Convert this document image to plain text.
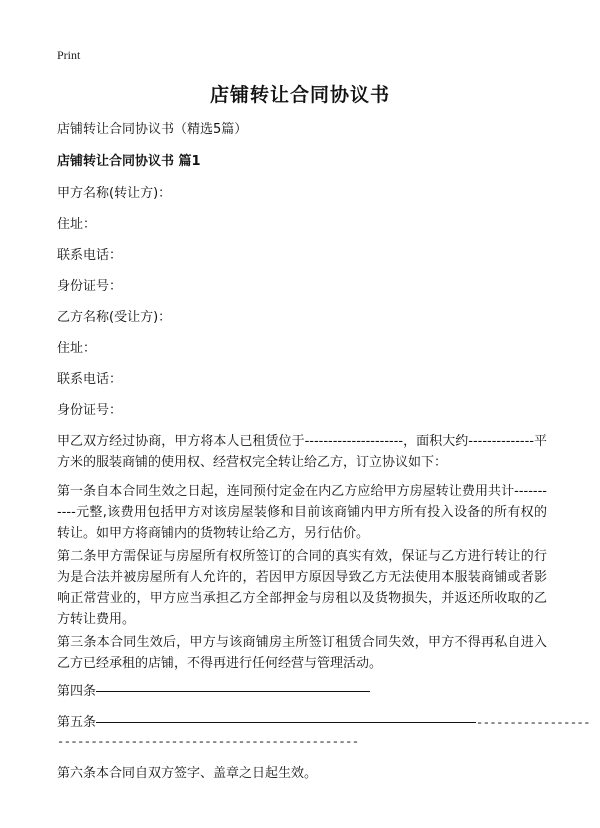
Print
店铺转让合同协议书
店铺转让合同协议书（精选5篇）
店铺转让合同协议书 篇1
甲方名称(转让方)：
住址：
联系电话：
身份证号：
乙方名称(受让方)：
住址：
联系电话：
身份证号：
甲乙双方经过协商，甲方将本人已租赁位于---------------------，面积大约--------------平方米的服装商铺的使用权、经营权完全转让给乙方，订立协议如下：
第一条自本合同生效之日起，连同预付定金在内乙方应给甲方房屋转让费用共计-----------元整,该费用包括甲方对该房屋装修和目前该商铺内甲方所有投入设备的所有权的转让。如甲方将商铺内的货物转让给乙方，另行估价。
第二条甲方需保证与房屋所有权所签订的合同的真实有效，保证与乙方进行转让的行为是合法并被房屋所有人允许的，若因甲方原因导致乙方无法使用本服装商铺或者影响正常营业的，甲方应当承担乙方全部押金与房租以及货物损失，并返还所收取的乙方转让费用。
第三条本合同生效后，甲方与该商铺房主所签订租赁合同失效，甲方不得再私自进入乙方已经承租的店铺，不得再进行任何经营与管理活动。
第四条
第五条	-----------------
---------------------------------------------
第六条本合同自双方签字、盖章之日起生效。
